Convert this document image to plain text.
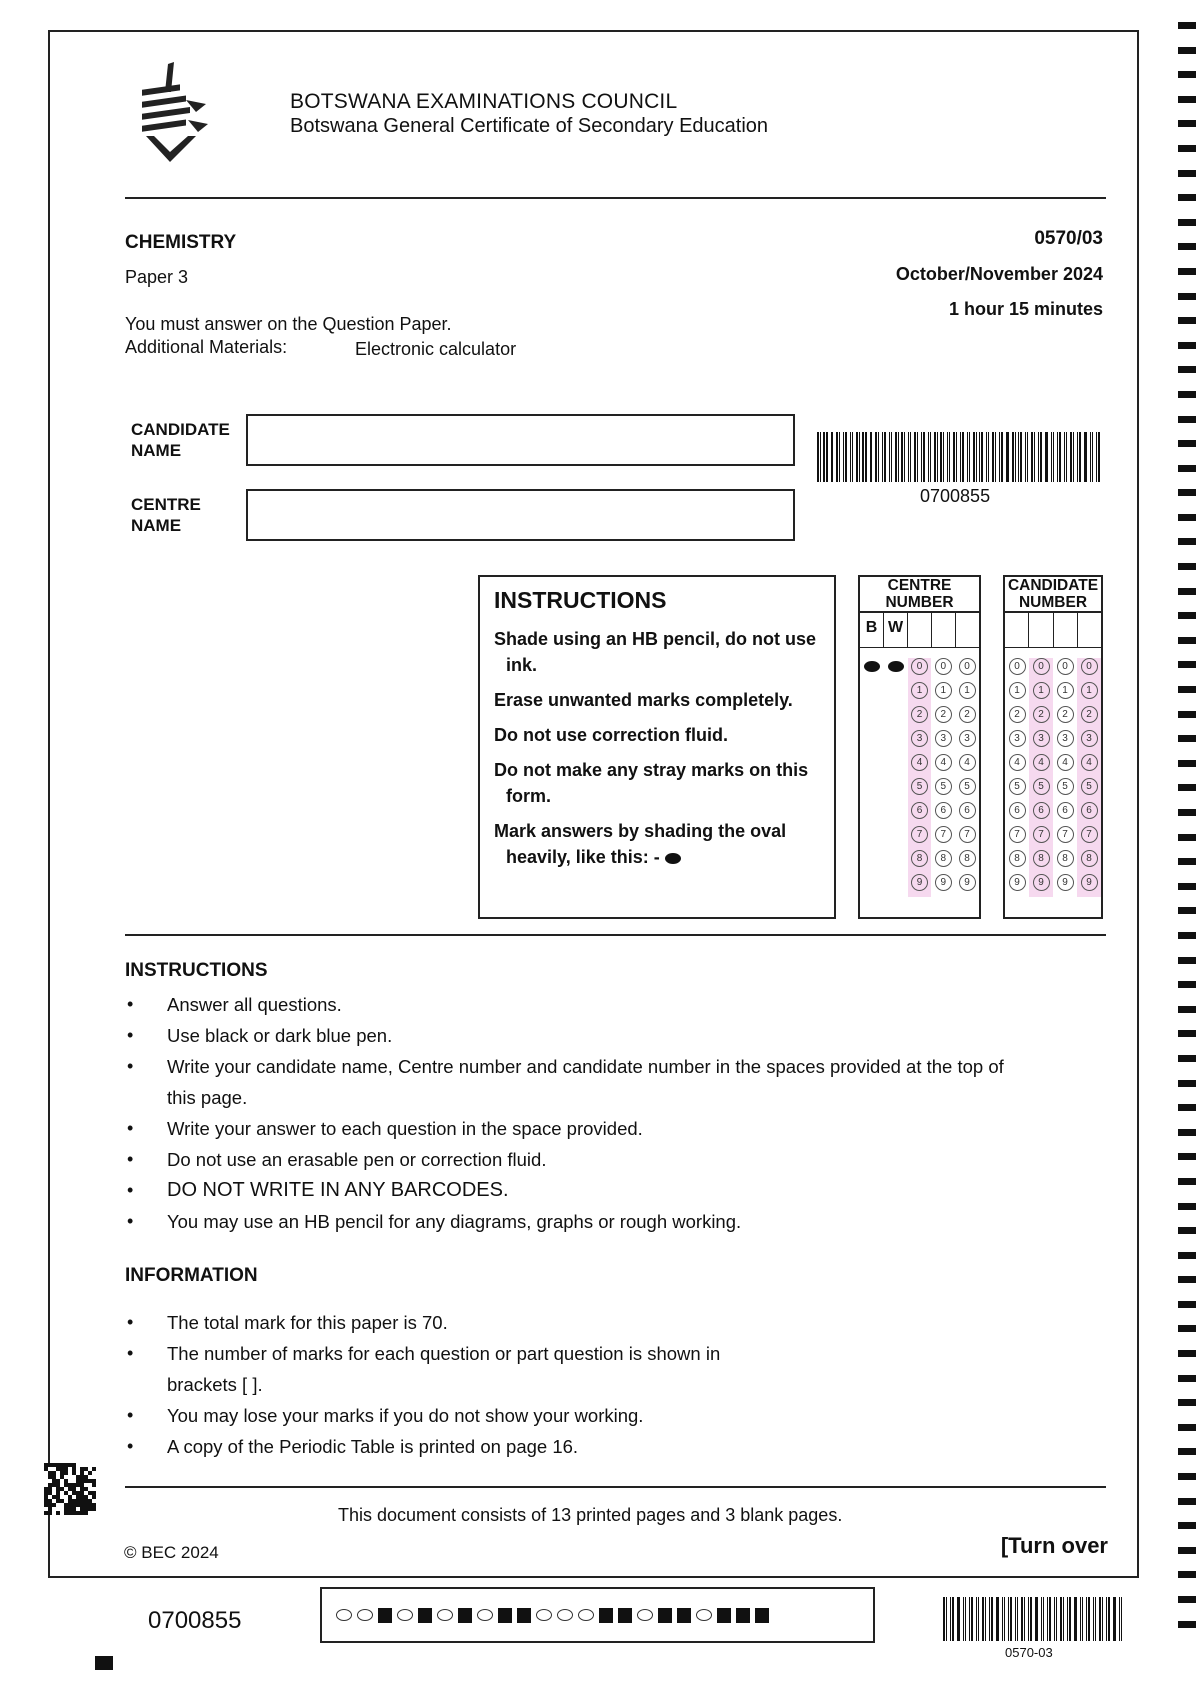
BOTSWANA EXAMINATIONS COUNCIL
Botswana General Certificate of Secondary Education
CHEMISTRY
Paper 3
0570/03
October/November 2024
1 hour 15 minutes
You must answer on the Question Paper.
Additional Materials:	Electronic calculator
CANDIDATE
NAME
CENTRE
NAME
0700855
INSTRUCTIONS

Shade using an HB pencil, do not use ink.

Erase unwanted marks completely.

Do not use correction fluid.

Do not make any stray marks on this form.

Mark answers by shading the oval heavily, like this: -

CENTRE
NUMBER
B W
0
1
2
3
4
5
6
7
8
9
0
1
2
3
4
5
6
7
8
9
0
1
2
3
4
5
6
7
8
9
CANDIDATE
NUMBER
0
1
2
3
4
5
6
7
8
9
0
1
2
3
4
5
6
7
8
9
0
1
2
3
4
5
6
7
8
9
0
1
2
3
4
5
6
7
8
9
INSTRUCTIONS
• Answer all questions.
• Use black or dark blue pen.
• Write your candidate name, Centre number and candidate number in the spaces provided at the top of this page.
• Write your answer to each question in the space provided.
• Do not use an erasable pen or correction fluid.
• DO NOT WRITE IN ANY BARCODES.
• You may use an HB pencil for any diagrams, graphs or rough working.
INFORMATION
• The total mark for this paper is 70.
• The number of marks for each question or part question is shown in brackets [ ].
• You may lose your marks if you do not show your working.
• A copy of the Periodic Table is printed on page 16.
This document consists of 13 printed pages and 3 blank pages.
© BEC 2024	[Turn over
0700855
0570-03
